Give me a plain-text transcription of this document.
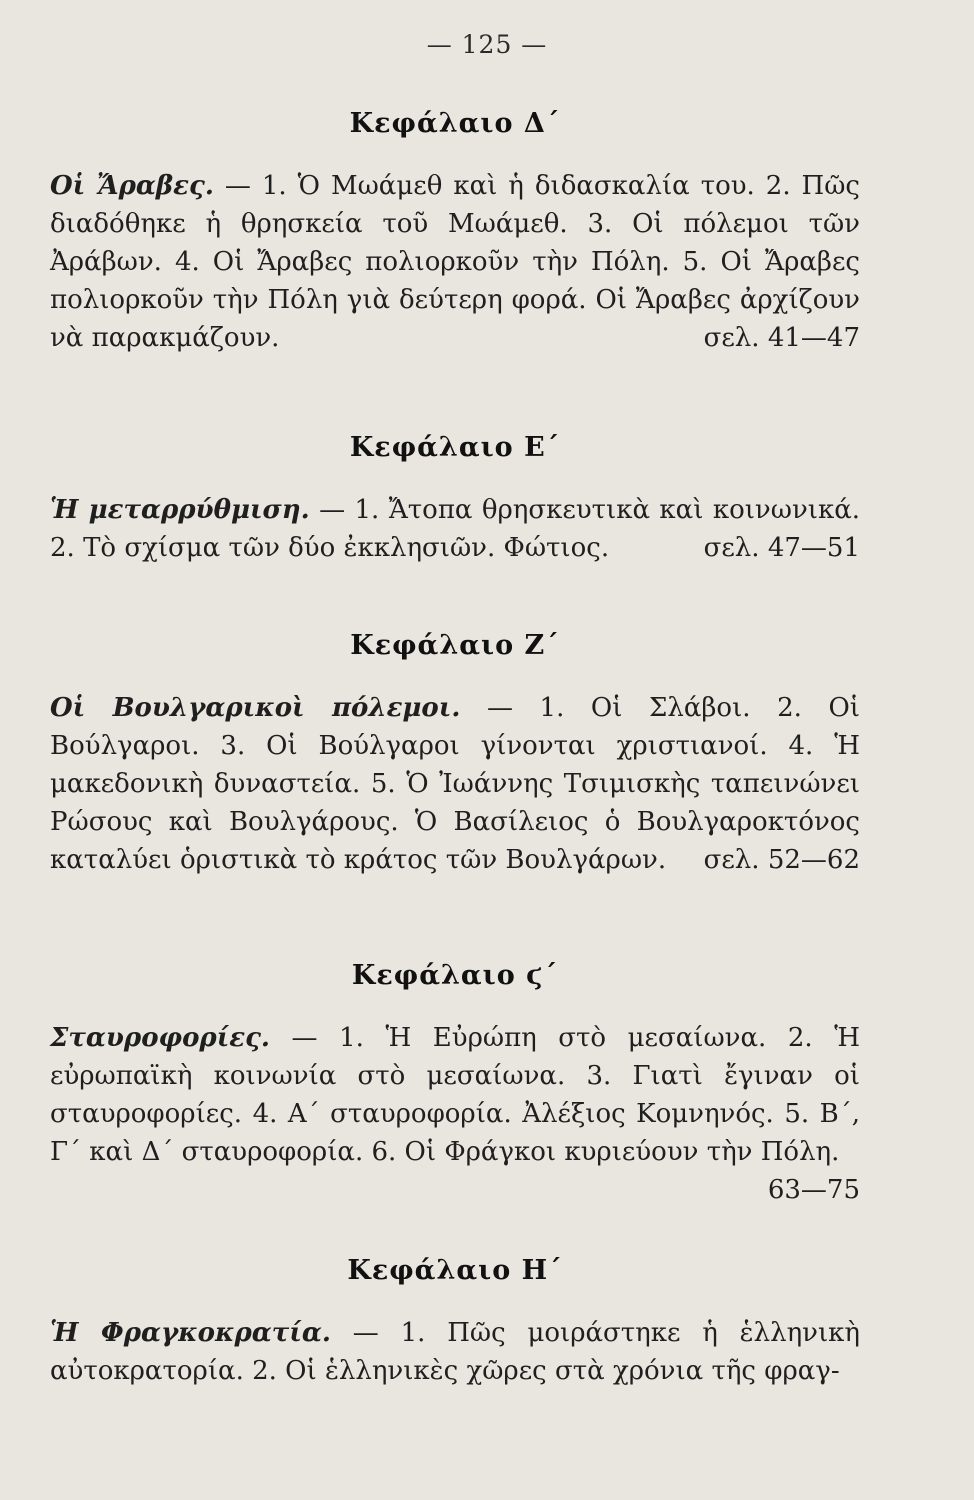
— 125 —
Κεφάλαιο Δ΄

Οἱ Ἄραβες. — 1. Ὁ Μωάμεθ καὶ ἡ διδασκαλία του. 2. Πῶς διαδόθηκε ἡ θρησκεία τοῦ Μωάμεθ. 3. Οἱ πόλεμοι τῶν Ἀράβων. 4. Οἱ Ἄραβες πολιορκοῦν τὴν Πόλη. 5. Οἱ Ἄραβες πολιορκοῦν τὴν Πόλη γιὰ δεύτερη φορά. Οἱ Ἄραβες ἀρχίζουν νὰ παρακμάζουν.	σελ. 41—47

Κεφάλαιο Ε΄

Ἡ μεταρρύθμιση. — 1. Ἄτοπα θρησκευτικὰ καὶ κοινωνικά. 2. Τὸ σχίσμα τῶν δύο ἐκκλησιῶν. Φώτιος.	σελ. 47—51

Κεφάλαιο Ζ΄

Οἱ Βουλγαρικοὶ πόλεμοι. — 1. Οἱ Σλάβοι. 2. Οἱ Βούλγαροι. 3. Οἱ Βούλγαροι γίνονται χριστιανοί. 4. Ἡ μακεδονικὴ δυναστεία. 5. Ὁ Ἰωάννης Τσιμισκὴς ταπεινώνει Ρώσους καὶ Βουλγάρους. Ὁ Βασίλειος ὁ Βουλγαροκτόνος καταλύει ὁριστικὰ τὸ κράτος τῶν Βουλγάρων. σελ. 52—62

Κεφάλαιο ϛ΄

Σταυροφορίες. — 1. Ἡ Εὐρώπη στὸ μεσαίωνα. 2. Ἡ εὐρωπαϊκὴ κοινωνία στὸ μεσαίωνα. 3. Γιατὶ ἔγιναν οἱ σταυροφορίες. 4. Α΄ σταυροφορία. Ἀλέξιος Κομνηνός. 5. Β΄, Γ΄ καὶ Δ΄ σταυροφορία. 6. Οἱ Φράγκοι κυριεύουν τὴν Πόλη.
63—75

Κεφάλαιο Η΄

Ἡ Φραγκοκρατία. — 1. Πῶς μοιράστηκε ἡ ἑλληνικὴ αὐτοκρατορία. 2. Οἱ ἑλληνικὲς χῶρες στὰ χρόνια τῆς φραγ-
